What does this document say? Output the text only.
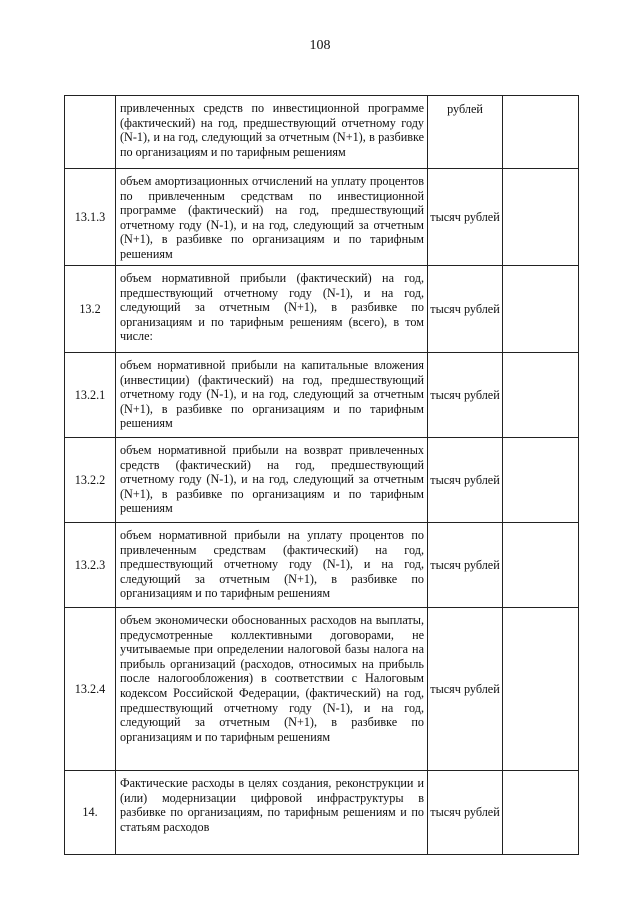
108
	привлеченных средств по инвестиционной программе (фактический) на год, предшествующий отчетному году (N-1), и на год, следующий за отчетным (N+1), в разбивке по организациям и по тарифным решениям	рублей	
13.1.3	объем амортизационных отчислений на уплату процентов по привлеченным средствам по инвестиционной программе (фактический) на год, предшествующий отчетному году (N-1), и на год, следующий за отчетным (N+1), в разбивке по организациям и по тарифным решениям	тысяч рублей	
13.2	объем нормативной прибыли (фактический) на год, предшествующий отчетному году (N-1), и на год, следующий за отчетным (N+1), в разбивке по организациям и по тарифным решениям (всего), в том числе:	тысяч рублей	
13.2.1	объем нормативной прибыли на капитальные вложения (инвестиции) (фактический) на год, предшествующий отчетному году (N-1), и на год, следующий за отчетным (N+1), в разбивке по организациям и по тарифным решениям	тысяч рублей	
13.2.2	объем нормативной прибыли на возврат привлеченных средств (фактический) на год, предшествующий отчетному году (N-1), и на год, следующий за отчетным (N+1), в разбивке по организациям и по тарифным решениям	тысяч рублей	
13.2.3	объем нормативной прибыли на уплату процентов по привлеченным средствам (фактический) на год, предшествующий отчетному году (N-1), и на год, следующий за отчетным (N+1), в разбивке по организациям и по тарифным решениям	тысяч рублей	
13.2.4	объем экономически обоснованных расходов на выплаты, предусмотренные коллективными договорами, не учитываемые при определении налоговой базы налога на прибыль организаций (расходов, относимых на прибыль после налогообложения) в соответствии с Налоговым кодексом Российской Федерации, (фактический) на год, предшествующий отчетному году (N-1), и на год, следующий за отчетным (N+1), в разбивке по организациям и по тарифным решениям	тысяч рублей	
14.	Фактические расходы в целях создания, реконструкции и (или) модернизации цифровой инфраструктуры в разбивке по организациям, по тарифным решениям и по статьям расходов	тысяч рублей	
